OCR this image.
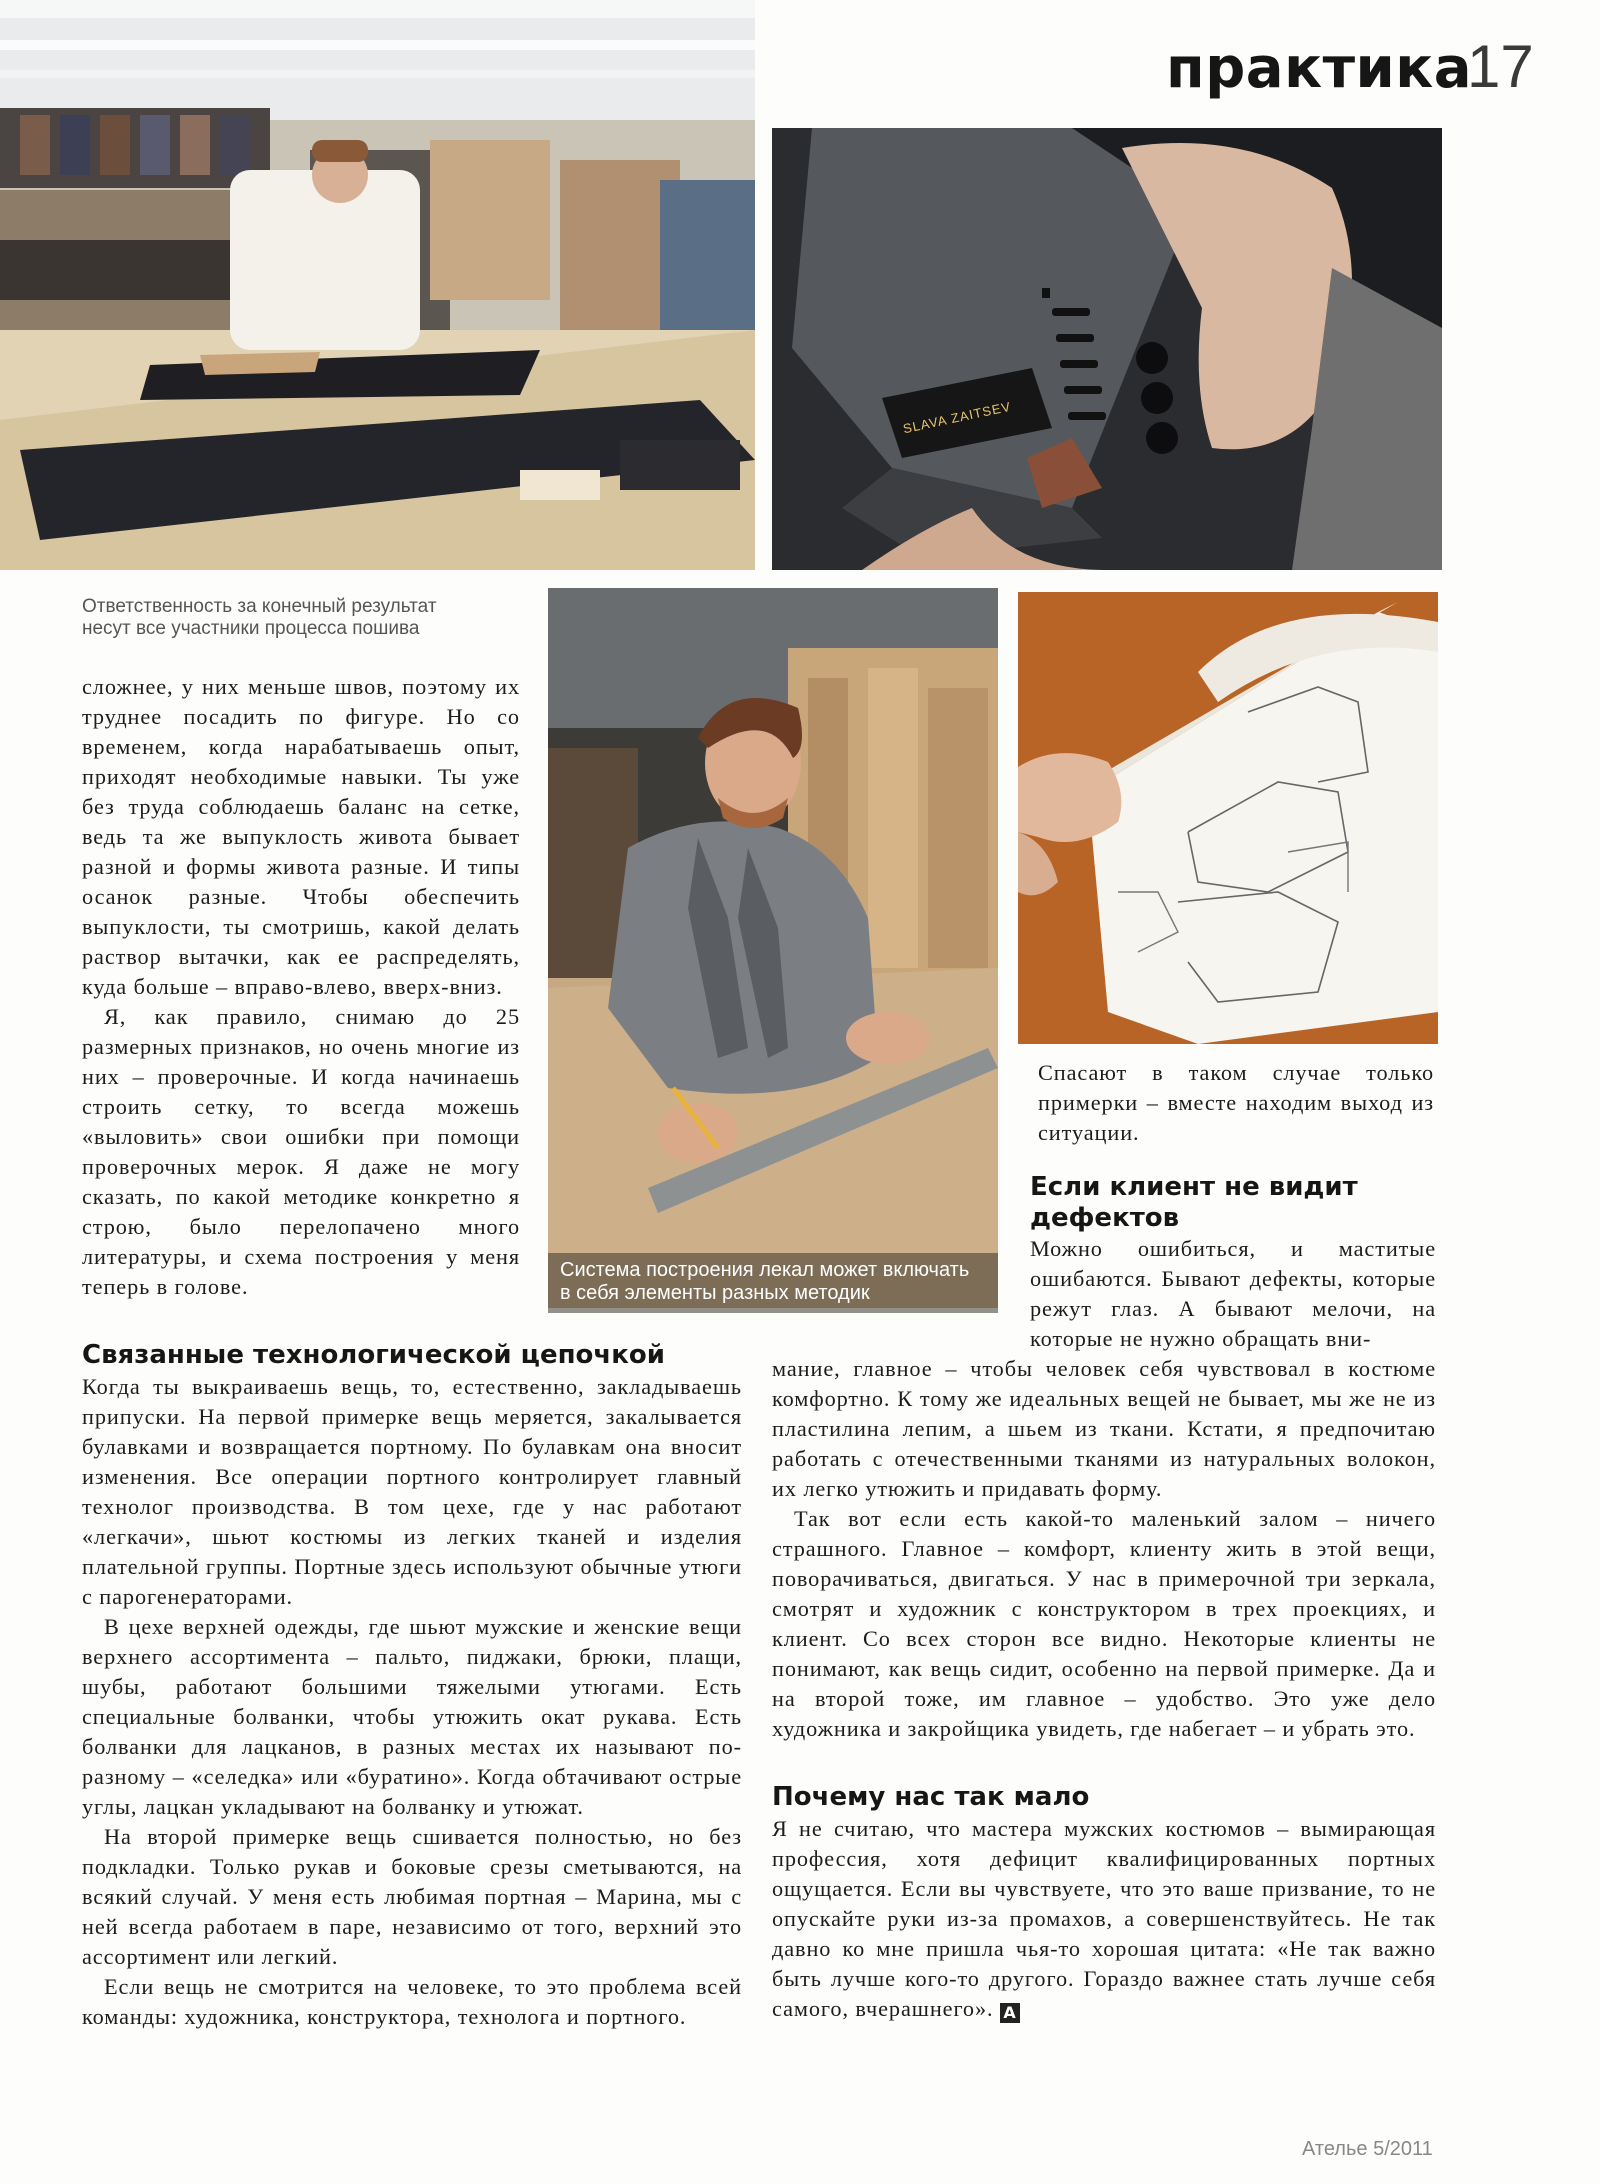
практика
17
Ответственность за конечный результат
несут все участники процесса пошива
SLAVA ZAITSEV
Система построения лекал может включать
в себя элементы разных методик

Спасают в таком случае только примерки – вместе находим выход из ситуации.

сложнее, у них меньше швов, поэтому их труднее посадить по фигуре. Но со временем, когда нарабатываешь опыт, приходят необходимые навыки. Ты уже без труда соблюдаешь баланс на сетке, ведь та же выпуклость живота бывает разной и формы живота разные. И типы осанок разные. Чтобы обеспечить выпуклости, ты смотришь, какой делать раствор вытачки, как ее распределять, куда больше – вправо-влево, вверх-вниз.

Я, как правило, снимаю до 25 размерных признаков, но очень многие из них – проверочные. И когда начинаешь строить сетку, то всегда можешь «выловить» свои ошибки при помощи проверочных мерок. Я даже не могу сказать, по какой методике конкретно я строю, было перелопачено много литературы, и схема построения у меня теперь в голове.

Если клиент не видит
дефектов

Можно ошибиться, и маститые ошибаются. Бывают дефекты, которые режут глаз. А бывают мелочи, на которые не нужно обращать вни-

мание, главное – чтобы человек себя чувствовал в костюме комфортно. К тому же идеальных вещей не бывает, мы же не из пластилина лепим, а шьем из ткани. Кстати, я предпочитаю работать с отечественными тканями из натуральных волокон, их легко утюжить и придавать форму.

Так вот если есть какой-то маленький залом – ничего страшного. Главное – комфорт, клиенту жить в этой вещи, поворачиваться, двигаться. У нас в примерочной три зеркала, смотрят и художник с конструктором в трех проекциях, и клиент. Со всех сторон все видно. Некоторые клиенты не понимают, как вещь сидит, особенно на первой примерке. Да и на второй тоже, им главное – удобство. Это уже дело художника и закройщика увидеть, где набегает – и убрать это.

Связанные технологической цепочкой

Когда ты выкраиваешь вещь, то, естественно, закладываешь припуски. На первой примерке вещь меряется, закалывается булавками и возвращается портному. По булавкам она вносит изменения. Все операции портного контролирует главный технолог производства. В том цехе, где у нас работают «легкачи», шьют костюмы из легких тканей и изделия плательной группы. Портные здесь используют обычные утюги с парогенераторами.

В цехе верхней одежды, где шьют мужские и женские вещи верхнего ассортимента – пальто, пиджаки, брюки, плащи, шубы, работают большими тяжелыми утюгами. Есть специальные болванки, чтобы утюжить окат рукава. Есть болванки для лацканов, в разных местах их называют по-разному – «селедка» или «буратино». Когда обтачивают острые углы, лацкан укладывают на болванку и утюжат.

На второй примерке вещь сшивается полностью, но без подкладки. Только рукав и боковые срезы сметываются, на всякий случай. У меня есть любимая портная – Марина, мы с ней всегда работаем в паре, независимо от того, верхний это ассортимент или легкий.

Если вещь не смотрится на человеке, то это проблема всей команды: художника, конструктора, технолога и портного.

Почему нас так мало

Я не считаю, что мастера мужских костюмов – вымирающая профессия, хотя дефицит квалифицированных портных ощущается. Если вы чувствуете, что это ваше призвание, то не опускайте руки из-за промахов, а совершенствуйтесь. Не так давно ко мне пришла чья-то хорошая цитата: «Не так важно быть лучше кого-то другого. Гораздо важнее стать лучше себя самого, вчерашнего». А

Ателье 5/2011
